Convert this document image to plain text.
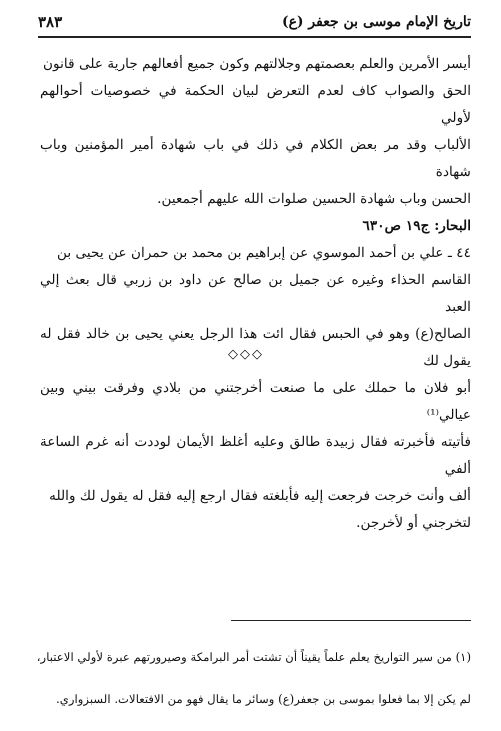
تاريخ الإمام موسى بن جعفر (ع)
٣٨٣

أيسر الأمرين والعلم بعصمتهم وجلالتهم وكون جميع أفعالهم جارية على قانون
الحق والصواب كاف لعدم التعرض لبيان الحكمة في خصوصيات أحوالهم لأولي
الألباب وقد مر بعض الكلام في ذلك في باب شهادة أمير المؤمنين وباب شهادة
الحسن وباب شهادة الحسين صلوات الله عليهم أجمعين.

البحار: ج١٩ ص٦٣٠

٤٤ ـ علي بن أحمد الموسوي عن إبراهيم بن محمد بن حمران عن يحيى بن
القاسم الحذاء وغيره عن جميل بن صالح عن داود بن زربي قال بعث إلي العبد
الصالح(ع) وهو في الحبس فقال ائت هذا الرجل يعني يحيى بن خالد فقل له يقول لك
أبو فلان ما حملك على ما صنعت أخرجتني من بلادي وفرقت بيني وبين عيالي⁽¹⁾
فأتيته فأخبرته فقال زبيدة طالق وعليه أغلظ الأيمان لوددت أنه غرم الساعة ألفي
ألف وأنت خرجت فرجعت إليه فأبلغته فقال ارجع إليه فقل له يقول لك والله
لتخرجني أو لأخرجن.

◇◇◇

(١) من سير التواريخ يعلم علماً يقيناً أن تشتت أمر البرامكة وصيرورتهم عبرة لأولي الاعتبار،

لم يكن إلا بما فعلوا بموسى بن جعفر(ع) وسائر ما يقال فهو من الافتعالات. السبزواري.
